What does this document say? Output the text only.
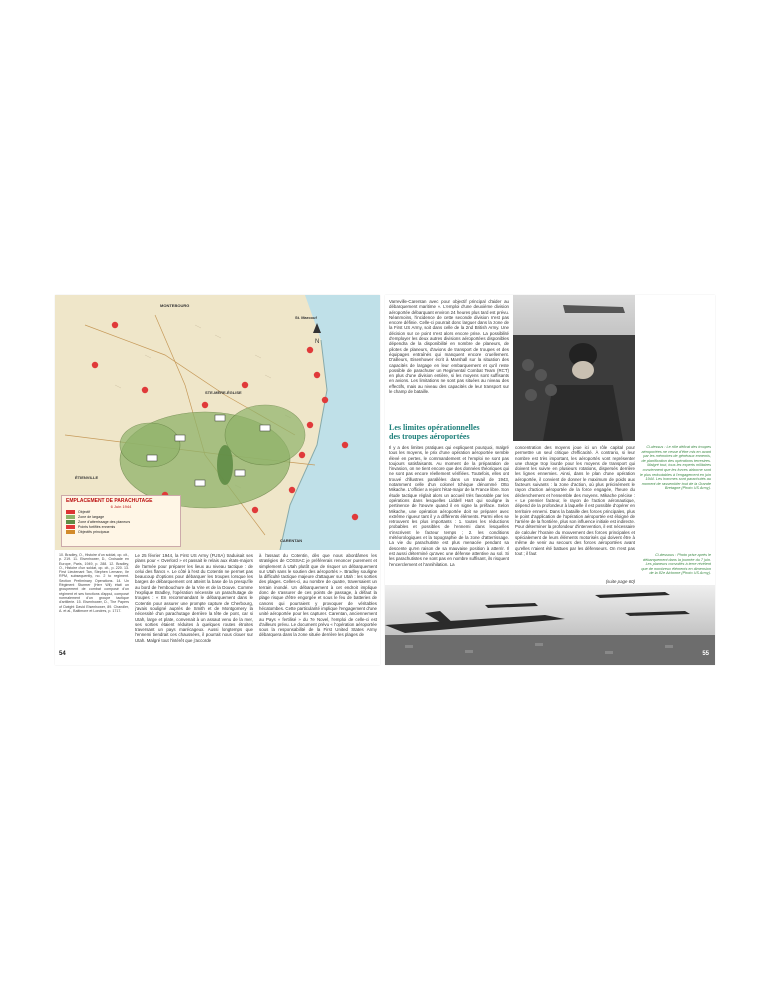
N
EMPLACEMENT DE PARACHUTAGE
6 Juin 1944
Objectif
Zone de largage
Zone d'atterrissage des planeurs
Points fortifiés ennemis
Objectifs principaux
MONTEBOURG
St. Marcouf
STE-MÈRE-ÉGLISE
CARENTAN
ÉTIENVILLE
10. Bradley, O., Histoire d'un soldat, op. cit., p. 219. 11. Eisenhower, D., Croisade en Europe, Paris, 1949, p. 288. 12. Bradley, O., Histoire d'un soldat, op. cit., p. 220. 13. First Lieutenant Tan, Stephen Lemann, IIe RPM, subsequently, no. 2 to regiment. Section Preliminary Operations. 14. Un Régiment Sturmer (Herr Wil) était un groupement de combat composé d'un régiment et ses fonctions d'appui, composé normalement d'un groupe tactique d'artillerie. 15. Eisenhower, D., The Papers of Dwight David Eisenhower, 89. Chandler, A. et al., Baltimore et Londres, p. 1717.
Le 25 février 1944, la First US Army (FUSA) traduisait ses plans pour « Overlord » et passait le relais aux états-majors de l'armée pour préparer les lieux au niveau tactique : de celui des flancs ». Le côté à l'est du Cotentin ne permet pas beaucoup d'options pour débarquer les troupes lorsque les barges de débarquement ont atteint la base de la presqu'île au bord de l'embouchure de la Vire et de la Douve. Comme l'explique Bradley, l'opération nécessite un parachutage de troupes : « En recommandant le débarquement dans le Cotentin pour assurer une prompte capture de Cherbourg, j'avais souligné auprès de Smith et de Montgomery la nécessité d'un parachutage derrière la tête de pont, car si Utah, large et plate, convenait à un assaut venu de la mer, ses sorties étaient réduites à quelques routes étroites traversant un pays marécageux. Aussi longtemps que l'ennemi tiendrait ces chaussées, il pourrait nous clouer sur Utah. Malgré tout l'intérêt que j'accorde
à l'assaut du Cotentin, dès que nous abordâmes les stratégies de COSSAC je préférerais renoncer purement et simplement à Utah plutôt que de risquer un débarquement sur Utah sans le soutien des aéroportés ». Bradley souligne la difficulté tactique majeure d'attaquer sur Utah : les sorties des plages. Celles-ci, au nombre de quatre, traversaient un terrain inondé. Un débarquement à cet endroit implique donc de s'assurer de ces points de passage, à défaut la plage risque d'être engorgée et sous le feu de batteries de canons qui pourraient y provoquer de véritables hécatombes. Cette particularité implique l'engagement d'une unité aéroportée pour les capturer. Carentan, anciennement au Pays « fertilisé » du 7e Novel, l'emploi de celle-ci est d'ailleurs prévu. Le document prévu « l'opération aéroportée sous la responsabilité de la First United States Army débarquera dans la zone située derrière les plages de
54
Varreville-Carentan avec pour objectif principal d'aider au débarquement maritime ». L'emploi d'une deuxième division aéroportée débarquant environ 24 heures plus tard est prévu. Néanmoins, l'incidence de cette seconde division n'est pas encore définie. Celle-ci pourrait donc larguer dans la zone de la First US Army, soit dans celle de la 2nd British Army. Une décision sur ce point n'est alors encore prise. La possibilité d'employer les deux autres divisions aéroportées disponibles dépendra de la disponibilité en nombre de planeurs, de pilotes de planeurs, d'avions de transport de troupes et des équipages entraînés qui manquent encore cruellement. D'ailleurs, Eisenhower écrit à Marshall sur la situation des capacités de largage en leur embarquement et qu'il reste possible de parachuter un Regimental Combat Team (RCT) en plus d'une division entière, si les moyens sont suffisants en avions. Les limitations ne sont pas situées au niveau des effectifs, mais au niveau des capacités de leur transport sur le champ de bataille.
Les limites opérationnelles
des troupes aéroportées
Il y a des limites pratiques qui expliquent pourquoi, malgré tous les moyens, le prix d'une opération aéroportée semble élevé en pertes, le commandement et l'emploi ne sont pas toujours satisfaisants. Au moment de la préparation de l'invasion, on ne tient encore que des données théoriques qui ne sont pas encore réellement vérifiées. Toutefois, elles ont trouvé d'illustres parallèles dans un travail de 1943, notamment celle d'un colonel tchèque dénommé Otto Mikache. L'officier a rejoint l'état-major de la France libre. Son étude tactique réglait alors un accueil très favorable par les opérations dans lesquelles Liddell Hart qui souligne la pertinence de l'œuvre quand il en signe la préface. Selon Mikache, une opération aéroportée doit se préparer avec extrême rigueur tant il y a différents éléments. Parmi elles se retrouvent les plus importants : 1. toutes les réductions probables et possibles de l'ennemi dans lesquelles s'inscrivent le facteur temps ; 2. les conditions météorologiques et la topographie de la zone d'atterrissage. La vie du parachutiste est plus menacée pendant sa descente qu'en raison de sa mauvaise position à atterrir. Il est aussi déterminé qu'avec une défense attentive au sol. Si les parachutistes ne sont pas en nombre suffisant, ils risquent l'encerclement et l'annihilation. La
concentration des moyens joue ici un rôle capital pour permettre un seul critique d'efficacité. À contrario, si leur nombre est très important, les aéroportés vont représenter une charge trop lourde pour les moyens de transport qui doivent les suivre en plusieurs rotations, dispersés derrière les lignes ennemies. Ainsi, dans le plan d'une opération aéroportée, il convient de donner le maximum de poids aux facteurs suivants : la zone d'action, où plus précisément le rayon d'action aéroportée de la force engagée, l'heure du déclenchement et l'ensemble des moyens. Mikache précise : « Le premier facteur, le rayon de l'action aéronautique, dépend de la profondeur à laquelle il est possible d'opérer en territoire ennemi. Dans la bataille des forces principales, plus le point d'application de l'opération aéroportée est éloigné de l'arrière de la frontière, plus son influence initiale est indirecte. Pour déterminer la profondeur d'intervention, il est nécessaire de calculer l'horaire du mouvement des forces principales et spécialement de leurs éléments motorisés qui doivent être à même de venir au secours des forces aéroportées avant qu'elles n'aient été battues par les défenseurs. On n'est pas tout ; il faut
(suite page 60)
Ci-dessus : Le rôle délicat des troupes aéroportées ne cesse d'être mis en avant par les mémoires de généraux ennemis, de planification des opérations terrestres. Malgré tout, tous les experts militaires conviennent que les forces airborne sont le plus redoutables à l'engagement en juin 1944. Les hommes sont parachutés au moment de rassembler tout de la Grande Bretagne (Photo US Army).
Ci-dessous : Photo prise après le débarquement dans la journée du 7 juin. Les planeurs convoités à terre révèlent que de nombreux éléments en dimension de la 82e Airborne (Photo US Army).
55
